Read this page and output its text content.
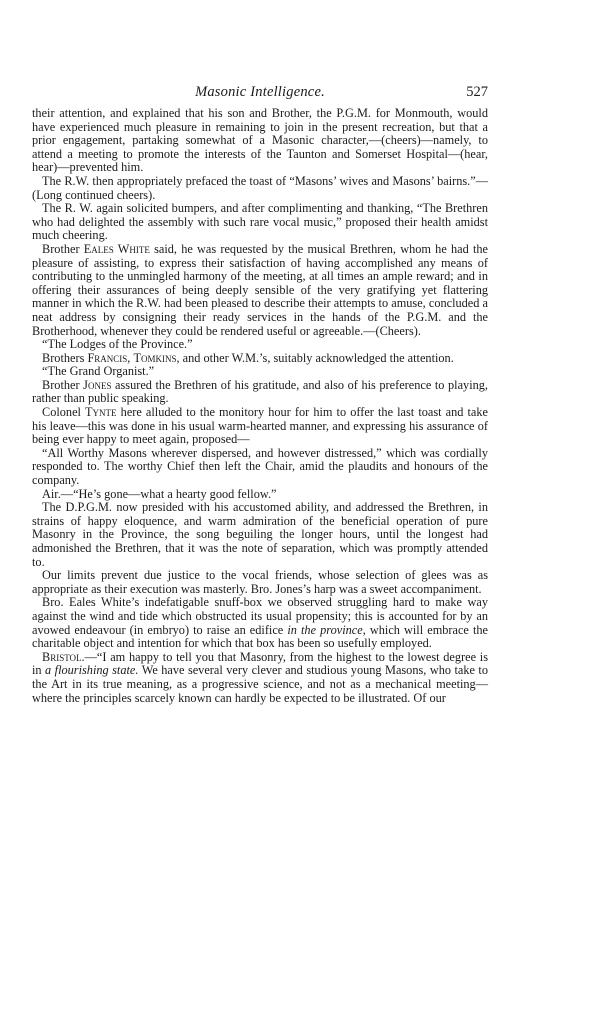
Masonic Intelligence.	527

their attention, and explained that his son and Brother, the P.G.M. for Monmouth, would have experienced much pleasure in remaining to join in the present recreation, but that a prior engagement, partaking somewhat of a Masonic character,—(cheers)—namely, to attend a meeting to promote the interests of the Taunton and Somerset Hospital—(hear, hear)—prevented him.

The R.W. then appropriately prefaced the toast of “Masons’ wives and Masons’ bairns.”—(Long continued cheers).

The R. W. again solicited bumpers, and after complimenting and thanking, “The Brethren who had delighted the assembly with such rare vocal music,” proposed their health amidst much cheering.

Brother Eales White said, he was requested by the musical Brethren, whom he had the pleasure of assisting, to express their satisfaction of having accomplished any means of contributing to the unmingled harmony of the meeting, at all times an ample reward; and in offering their assurances of being deeply sensible of the very gratifying yet flattering manner in which the R.W. had been pleased to describe their attempts to amuse, concluded a neat address by consigning their ready services in the hands of the P.G.M. and the Brotherhood, whenever they could be rendered useful or agreeable.—(Cheers).

“The Lodges of the Province.”

Brothers Francis, Tomkins, and other W.M.’s, suitably acknowledged the attention.

“The Grand Organist.”

Brother Jones assured the Brethren of his gratitude, and also of his preference to playing, rather than public speaking.

Colonel Tynte here alluded to the monitory hour for him to offer the last toast and take his leave—this was done in his usual warm-hearted manner, and expressing his assurance of being ever happy to meet again, proposed—

“All Worthy Masons wherever dispersed, and however distressed,” which was cordially responded to. The worthy Chief then left the Chair, amid the plaudits and honours of the company.

Air.—“He’s gone—what a hearty good fellow.”

The D.P.G.M. now presided with his accustomed ability, and addressed the Brethren, in strains of happy eloquence, and warm admiration of the beneficial operation of pure Masonry in the Province, the song beguiling the longer hours, until the longest had admonished the Brethren, that it was the note of separation, which was promptly attended to.

Our limits prevent due justice to the vocal friends, whose selection of glees was as appropriate as their execution was masterly. Bro. Jones’s harp was a sweet accompaniment.

Bro. Eales White’s indefatigable snuff-box we observed struggling hard to make way against the wind and tide which obstructed its usual propensity; this is accounted for by an avowed endeavour (in embryo) to raise an edifice in the province, which will embrace the charitable object and intention for which that box has been so usefully employed.

Bristol.—“I am happy to tell you that Masonry, from the highest to the lowest degree is in a flourishing state. We have several very clever and studious young Masons, who take to the Art in its true meaning, as a progressive science, and not as a mechanical meeting—where the principles scarcely known can hardly be expected to be illustrated. Of our
